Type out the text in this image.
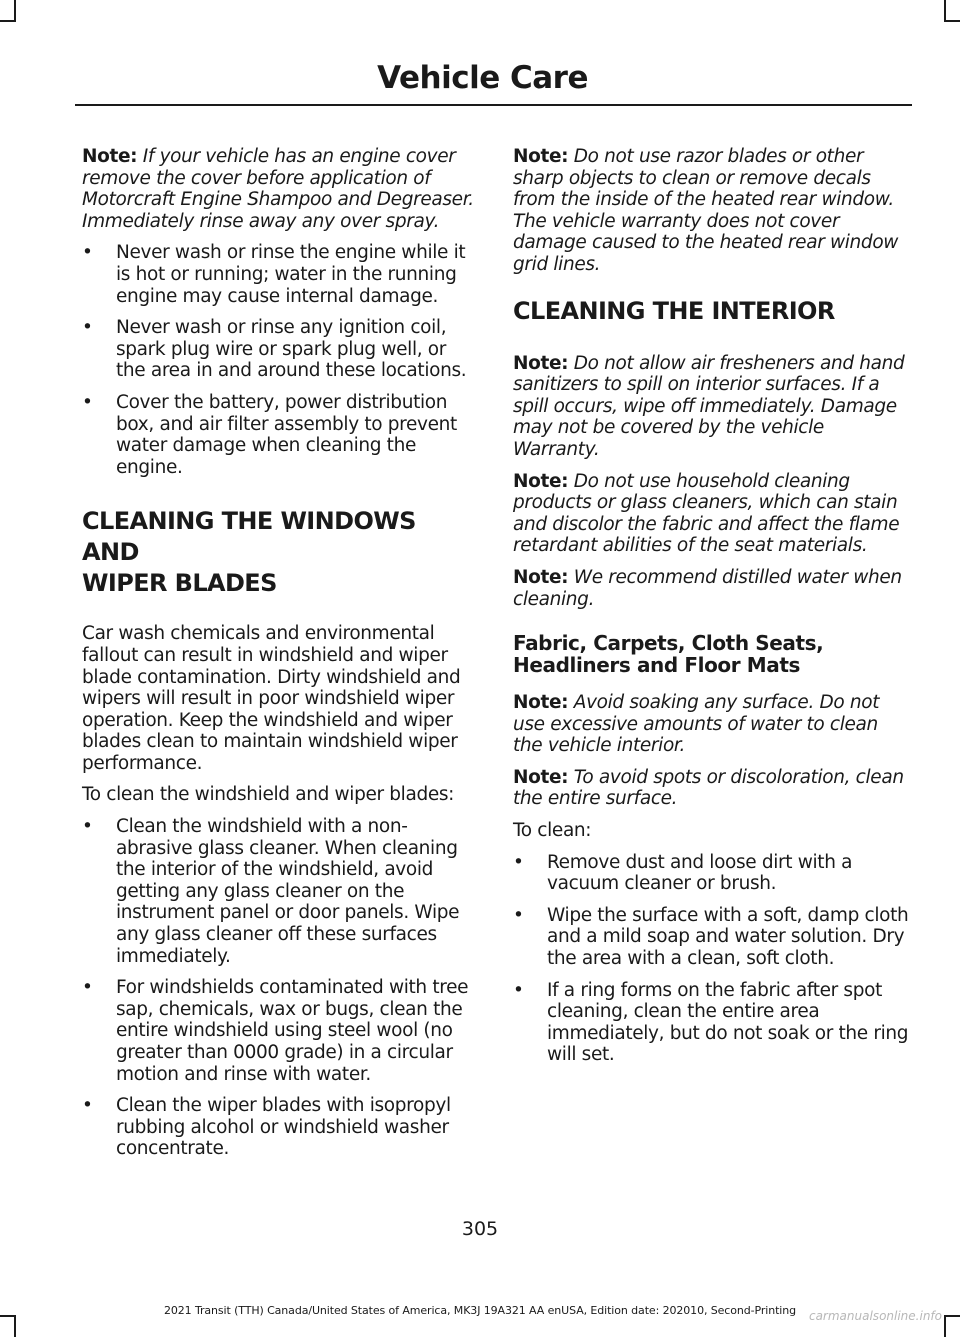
Vehicle Care

Note: If your vehicle has an engine cover remove the cover before application of Motorcraft Engine Shampoo and Degreaser. Immediately rinse away any over spray.

• Never wash or rinse the engine while it is hot or running; water in the running engine may cause internal damage.
• Never wash or rinse any ignition coil, spark plug wire or spark plug well, or the area in and around these locations.
• Cover the battery, power distribution box, and air filter assembly to prevent water damage when cleaning the engine.
CLEANING THE WINDOWS AND
WIPER BLADES

Car wash chemicals and environmental fallout can result in windshield and wiper blade contamination. Dirty windshield and wipers will result in poor windshield wiper operation. Keep the windshield and wiper blades clean to maintain windshield wiper performance.

To clean the windshield and wiper blades:

• Clean the windshield with a non-abrasive glass cleaner. When cleaning the interior of the windshield, avoid getting any glass cleaner on the instrument panel or door panels. Wipe any glass cleaner off these surfaces immediately.
• For windshields contaminated with tree sap, chemicals, wax or bugs, clean the entire windshield using steel wool (no greater than 0000 grade) in a circular motion and rinse with water.
• Clean the wiper blades with isopropyl rubbing alcohol or windshield washer concentrate.

Note: Do not use razor blades or other sharp objects to clean or remove decals from the inside of the heated rear window. The vehicle warranty does not cover damage caused to the heated rear window grid lines.

CLEANING THE INTERIOR

Note: Do not allow air fresheners and hand sanitizers to spill on interior surfaces. If a spill occurs, wipe off immediately. Damage may not be covered by the vehicle Warranty.

Note: Do not use household cleaning products or glass cleaners, which can stain and discolor the fabric and affect the flame retardant abilities of the seat materials.

Note: We recommend distilled water when cleaning.

Fabric, Carpets, Cloth Seats,
Headliners and Floor Mats

Note: Avoid soaking any surface. Do not use excessive amounts of water to clean the vehicle interior.

Note: To avoid spots or discoloration, clean the entire surface.

To clean:

• Remove dust and loose dirt with a vacuum cleaner or brush.
• Wipe the surface with a soft, damp cloth and a mild soap and water solution. Dry the area with a clean, soft cloth.
• If a ring forms on the fabric after spot cleaning, clean the entire area immediately, but do not soak or the ring will set.
305
2021 Transit (TTH) Canada/United States of America, MK3J 19A321 AA enUSA, Edition date: 202010, Second-Printing	carmanualsonline.info
